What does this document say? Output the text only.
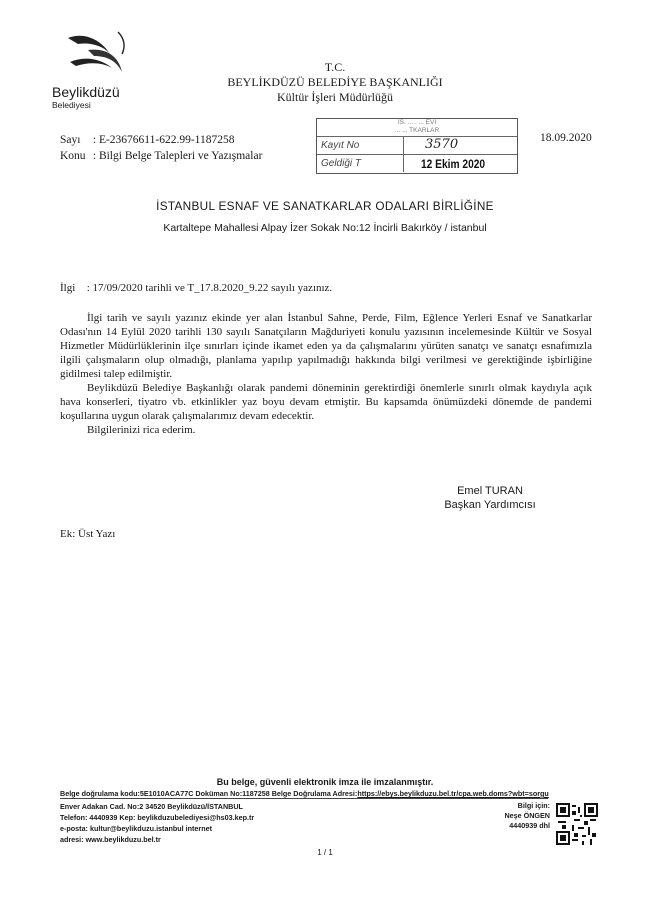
Beylikdüzü
Belediyesi
T.C.
BEYLİKDÜZÜ BELEDİYE BAŞKANLIĞI
Kültür İşleri Müdürlüğü
Sayı : E-23676611-622.99-1187258
Konu : Bilgi Belge Talepleri ve Yazışmalar
18.09.2020
İS. ... . ... EVİ
... ... TKARLAR
Kayıt No	3570
Geldiği T	12 Ekim 2020
İSTANBUL ESNAF VE SANATKARLAR ODALARI BİRLİĞİNE
Kartaltepe Mahallesi Alpay İzer Sokak No:12 İncirli Bakırköy / istanbul
İlgi : 17/09/2020 tarihli ve T_17.8.2020_9.22 sayılı yazınız.

İlgi tarih ve sayılı yazınız ekinde yer alan İstanbul Sahne, Perde, Film, Eğlence Yerleri Esnaf ve Sanatkarlar Odası'nın 14 Eylül 2020 tarihli 130 sayılı Sanatçıların Mağduriyeti konulu yazısının incelemesinde Kültür ve Sosyal Hizmetler Müdürlüklerinin ilçe sınırları içinde ikamet eden ya da çalışmalarını yürüten sanatçı ve sanatçı esnafımızla ilgili çalışmaların olup olmadığı, planlama yapılıp yapılmadığı hakkında bilgi verilmesi ve gerektiğinde işbirliğine gidilmesi talep edilmiştir.

Beylikdüzü Belediye Başkanlığı olarak pandemi döneminin gerektirdiği önemlerle sınırlı olmak kaydıyla açık hava konserleri, tiyatro vb. etkinlikler yaz boyu devam etmiştir. Bu kapsamda önümüzdeki dönemde de pandemi koşullarına uygun olarak çalışmalarımız devam edecektir.

Bilgilerinizi rica ederim.

Emel TURAN
Başkan Yardımcısı
Ek: Üst Yazı
Bu belge, güvenli elektronik imza ile imzalanmıştır.
Belge doğrulama kodu:5E1010ACA77C Doküman No:1187258 Belge Doğrulama Adresi:https://ebys.beylikduzu.bel.tr/cpa.web.doms?wbt=sorgu
Enver Adakan Cad. No:2 34520 Beylikdüzü/İSTANBUL
Telefon: 4440939 Kep: beylikduzubelediyesi@hs03.kep.tr
e-posta: kultur@beylikduzu.istanbul internet
adresi: www.beylikduzu.bel.tr
Bilgi için:
Neşe ÖNGEN
4440939 dhl
1 / 1
